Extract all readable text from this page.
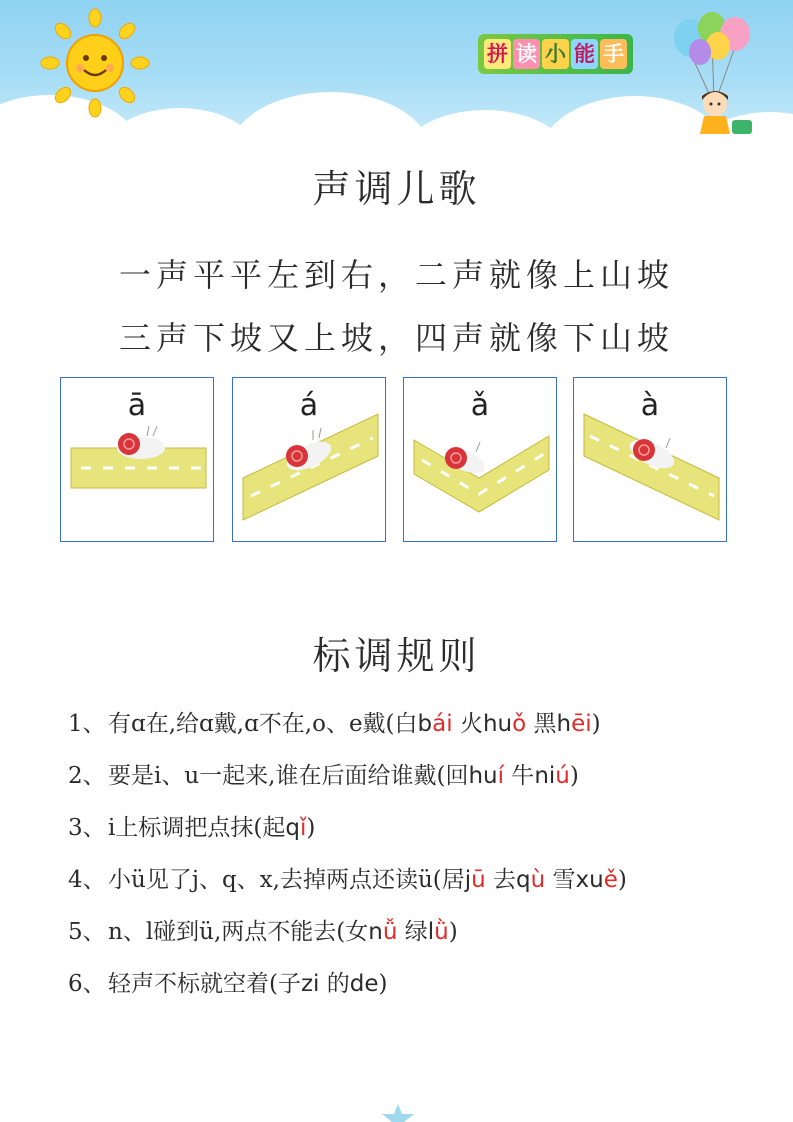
拼 读 小 能 手
声调儿歌
一声平平左到右，二声就像上山坡
三声下坡又上坡，四声就像下山坡
ā	á	ǎ	à
标调规则
1、 有ɑ在,给ɑ戴,ɑ不在,o、e戴(白bái 火huǒ 黑hēi)
2、 要是i、u一起来,谁在后面给谁戴(回huí 牛niú)
3、 i上标调把点抹(起qǐ)
4、 小ü见了j、q、x,去掉两点还读ü(居jū 去qù 雪xuě)
5、 n、l碰到ü,两点不能去(女nǚ 绿lǜ)
6、 轻声不标就空着(子zi 的de)
